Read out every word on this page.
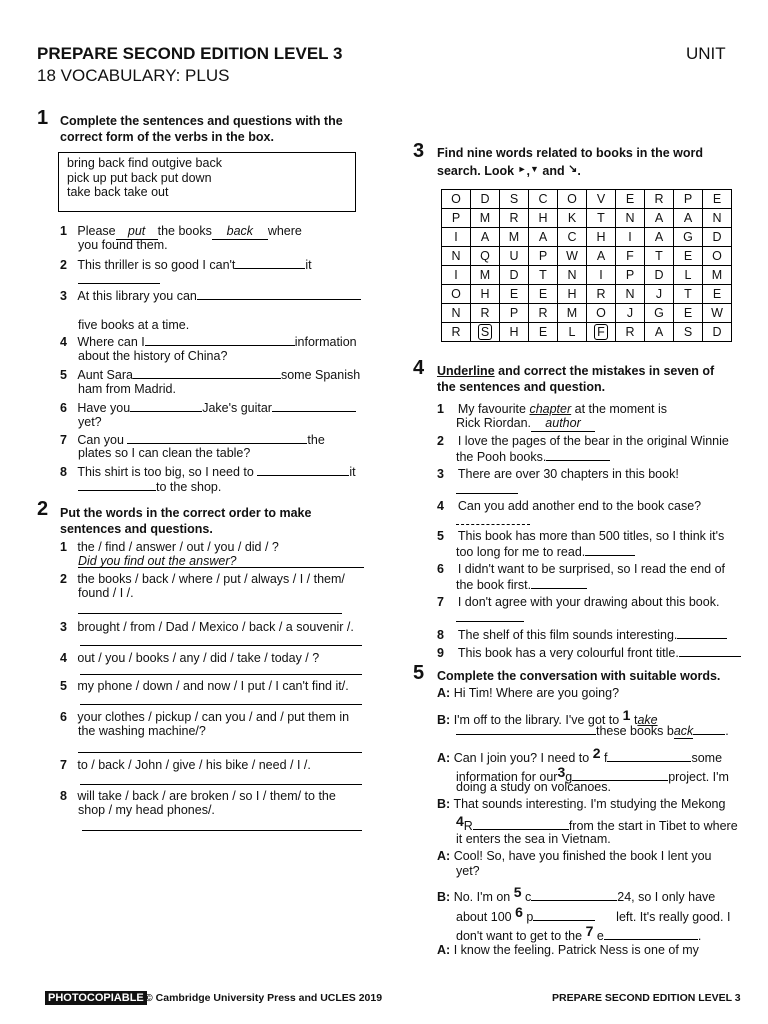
PREPARE SECOND EDITION LEVEL 3	UNIT
18 VOCABULARY: PLUS
1 Complete the sentences and questions with the
correct form of the verbs in the box.
bring back find outgive back
pick up put back put down
take back take out
1 Please put the books back where
you found them.
2 This thriller is so good I can't	it
3 At this library you can
five books at a time.
4 Where can I	information
about the history of China?
5 Aunt Sara	some Spanish
ham from Madrid.
6 Have you	Jake's guitar
yet?
7 Can you	the
plates so I can clean the table?
8 This shirt is too big, so I need to	it
to the shop.
2 Put the words in the correct order to make
sentences and questions.
1 the / find / answer / out / you / did / ?
Did you find out the answer?
2 the books / back / where / put / always / I / them/
found / I /.
3 brought / from / Dad / Mexico / back / a souvenir /.
4 out / you / books / any / did / take / today / ?
5 my phone / down / and now / I put / I can't find it/.
6 your clothes / pickup / can you / and / put them in
the washing machine/?
7 to / back / John / give / his bike / need / I /.
8 will take / back / are broken / so I / them/ to the
shop / my head phones/.
3 Find nine words related to books in the word
search. Look ►,▼ and ↘.
O	D	S	C	O	V	E	R	P	E
P	M	R	H	K	T	N	A	A	N
I	A	M	A	C	H	I	A	G	D
N	Q	U	P	W	A	F	T	E	O
I	M	D	T	N	I	P	D	L	M
O	H	E	E	H	R	N	J	T	E
N	R	P	R	M	O	J	G	E	W
R	S	H	E	L	F	R	A	S	D
4 Underline and correct the mistakes in seven of
the sentences and question.
1 My favourite chapter at the moment is
Rick Riordan. author
2 I love the pages of the bear in the original Winnie
the Pooh books.
3 There are over 30 chapters in this book!
4 Can you add another end to the book case?
5 This book has more than 500 titles, so I think it's
too long for me to read.
6 I didn't want to be surprised, so I read the end of
the book first.
7 I don't agree with your drawing about this book.
8 The shelf of this film sounds interesting.
9 This book has a very colourful front title.
5 Complete the conversation with suitable words.
A: Hi Tim! Where are you going?
B: I'm off to the library. I've got to 1 take
these books back	.
A: Can I join you? I need to 2 f	some
information for our3g	project. I'm
doing a study on volcanoes.
B: That sounds interesting. I'm studying the Mekong
4R	from the start in Tibet to where
it enters the sea in Vietnam.
A: Cool! So, have you finished the book I lent you
yet?
B: No. I'm on 5 c	24, so I only have
about 100 6 p	left. It's really good. I
don't want to get to the 7 e	.
A: I know the feeling. Patrick Ness is one of my
PHOTOCOPIABLE © Cambridge University Press and UCLES 2019	PREPARE SECOND EDITION LEVEL 3
